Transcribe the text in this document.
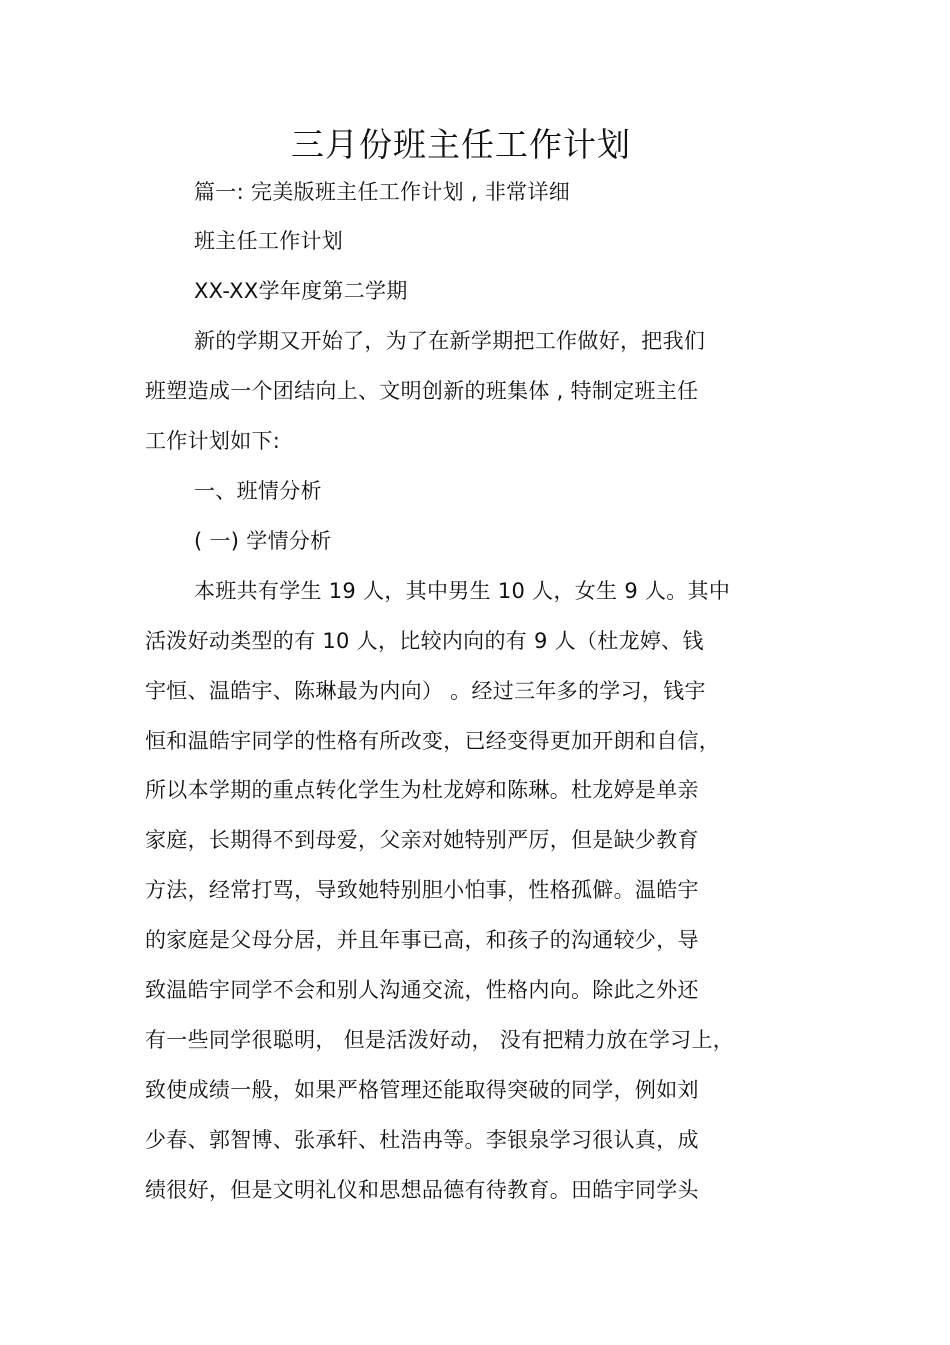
三月份班主任工作计划
篇一: 完美版班主任工作计划 , 非常详细
班主任工作计划
XX-XX学年度第二学期
新的学期又开始了，为了在新学期把工作做好，把我们
班塑造成一个团结向上、文明创新的班集体 , 特制定班主任
工作计划如下:
一、班情分析
( 一) 学情分析
本班共有学生 19 人，其中男生 10 人，女生 9 人。其中
活泼好动类型的有 10 人，比较内向的有 9 人（杜龙婷、钱
宇恒、温皓宇、陈琳最为内向） 。经过三年多的学习，钱宇
恒和温皓宇同学的性格有所改变，已经变得更加开朗和自信，
所以本学期的重点转化学生为杜龙婷和陈琳。杜龙婷是单亲
家庭，长期得不到母爱，父亲对她特别严厉，但是缺少教育
方法，经常打骂，导致她特别胆小怕事，性格孤僻。温皓宇
的家庭是父母分居，并且年事已高，和孩子的沟通较少，导
致温皓宇同学不会和别人沟通交流，性格内向。除此之外还
有一些同学很聪明， 但是活泼好动， 没有把精力放在学习上，
致使成绩一般，如果严格管理还能取得突破的同学，例如刘
少春、郭智博、张承轩、杜浩冉等。李银泉学习很认真，成
绩很好，但是文明礼仪和思想品德有待教育。田皓宇同学头
